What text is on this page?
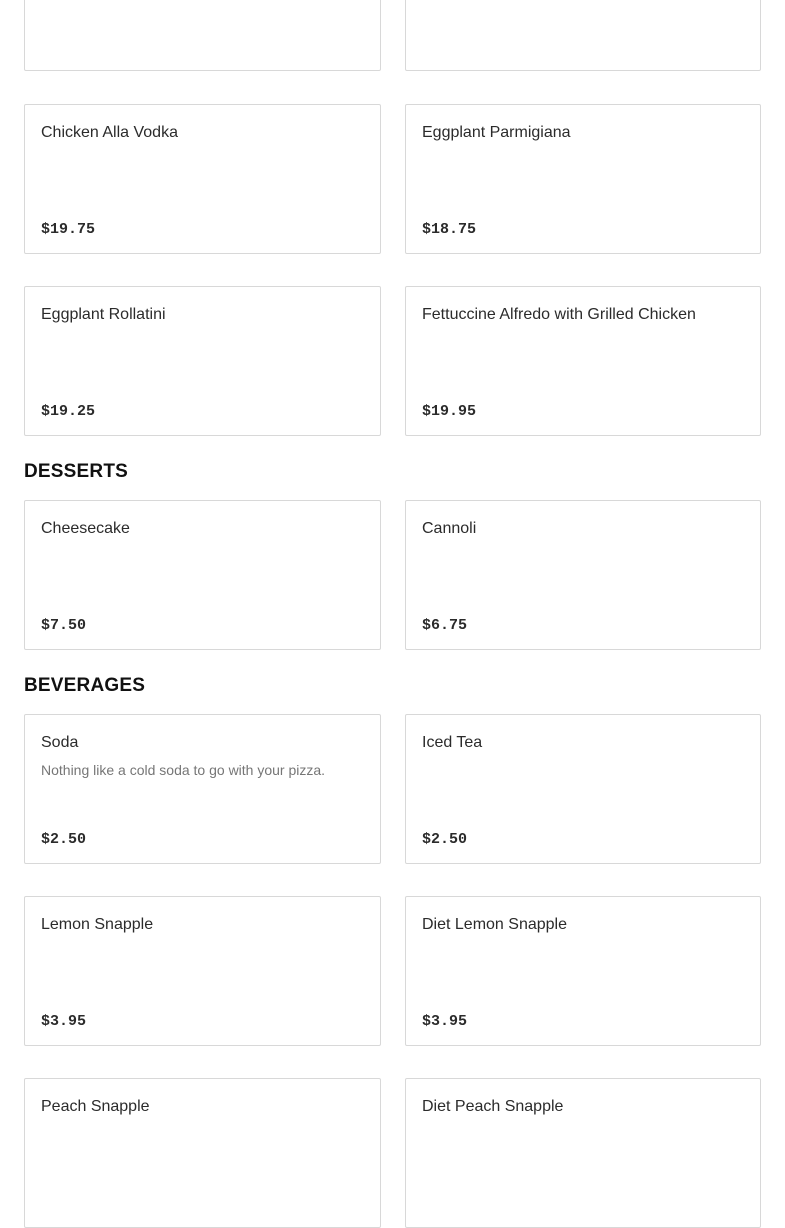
Chicken Alla Vodka
$19.75
Eggplant Parmigiana
$18.75
Eggplant Rollatini
$19.25
Fettuccine Alfredo with Grilled Chicken
$19.95
DESSERTS
Cheesecake
$7.50
Cannoli
$6.75
BEVERAGES
Soda
Nothing like a cold soda to go with your pizza.
$2.50
Iced Tea
$2.50
Lemon Snapple
$3.95
Diet Lemon Snapple
$3.95
Peach Snapple	Diet Peach Snapple
